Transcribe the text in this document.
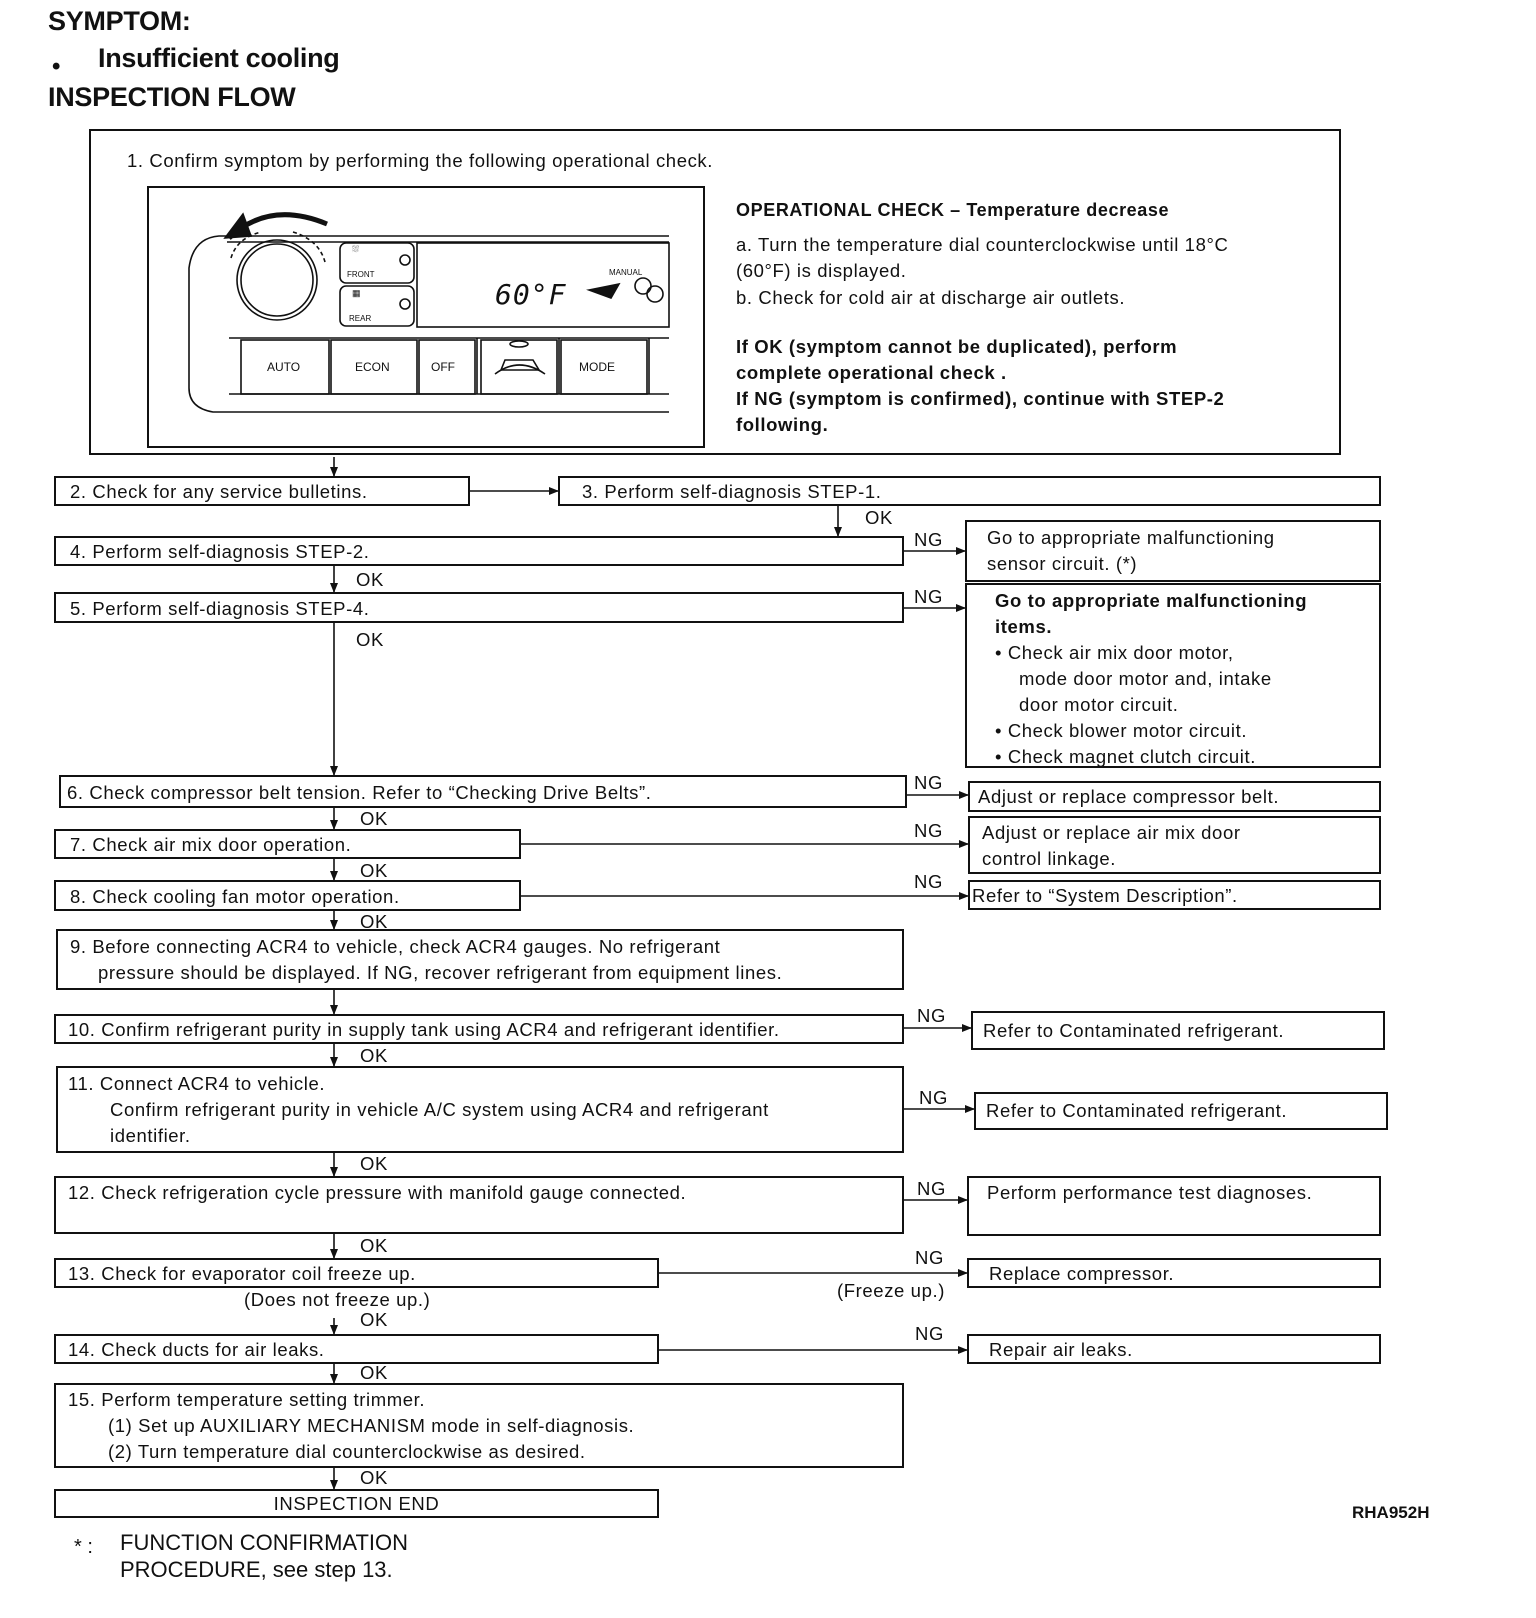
SYMPTOM:
• Insufficient cooling
INSPECTION FLOW
1. Confirm symptom by performing the following operational check.
⛆
FRONT
▦
REAR
60°F
MANUAL
AUTO	ECON	OFF	MODE
OPERATIONAL CHECK – Temperature decrease
a. Turn the temperature dial counterclockwise until 18°C
(60°F) is displayed.
b. Check for cold air at discharge air outlets.
If OK (symptom cannot be duplicated), perform
complete operational check .
If NG (symptom is confirmed), continue with STEP-2
following.
2. Check for any service bulletins.	3. Perform self-diagnosis STEP-1.
4. Perform self-diagnosis STEP-2.
5. Perform self-diagnosis STEP-4.
6. Check compressor belt tension. Refer to “Checking Drive Belts”.
7. Check air mix door operation.
8. Check cooling fan motor operation.
9. Before connecting ACR4 to vehicle, check ACR4 gauges. No refrigerant
pressure should be displayed. If NG, recover refrigerant from equipment lines.
10. Confirm refrigerant purity in supply tank using ACR4 and refrigerant identifier.
11. Connect ACR4 to vehicle.
Confirm refrigerant purity in vehicle A/C system using ACR4 and refrigerant
identifier.
12. Check refrigeration cycle pressure with manifold gauge connected.
13. Check for evaporator coil freeze up.
14. Check ducts for air leaks.
15. Perform temperature setting trimmer.
(1) Set up AUXILIARY MECHANISM mode in self-diagnosis.
(2) Turn temperature dial counterclockwise as desired.
INSPECTION END
Go to appropriate malfunctioning
sensor circuit. (*)
Go to appropriate malfunctioning
items.
• Check air mix door motor,
mode door motor and, intake
door motor circuit.
• Check blower motor circuit.
• Check magnet clutch circuit.
Adjust or replace compressor belt.
Adjust or replace air mix door
control linkage.
Refer to “System Description”.
Refer to Contaminated refrigerant.
Refer to Contaminated refrigerant.
Perform performance test diagnoses.
Replace compressor.
Repair air leaks.
OK
NG
OK
NG
OK
NG
OK
NG
OK
NG
OK
NG
OK
NG
OK
NG
OK
NG
(Does not freeze up.)	(Freeze up.)
OK
NG
OK
OK
RHA952H
* : FUNCTION CONFIRMATION
PROCEDURE, see step 13.
